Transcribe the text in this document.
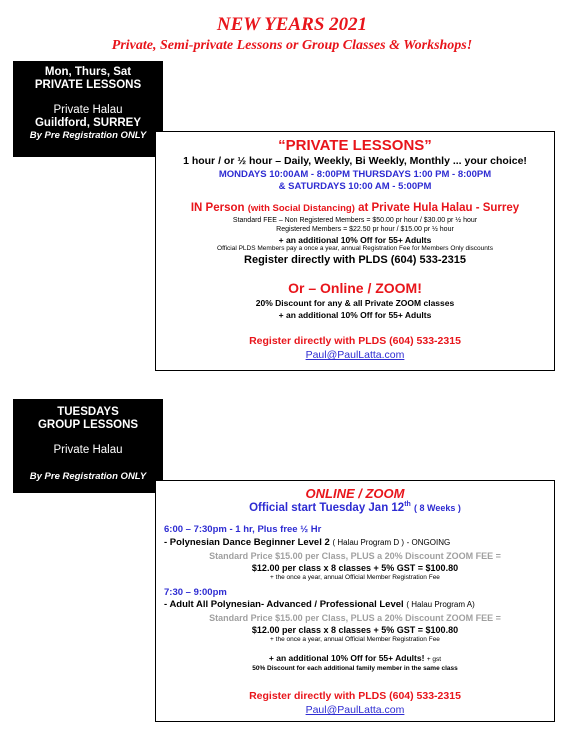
NEW YEARS 2021
Private, Semi-private Lessons or Group Classes & Workshops!
Mon, Thurs, Sat
PRIVATE LESSONS
Private Halau
Guildford, SURREY
By Pre Registration ONLY
“PRIVATE LESSONS”
1 hour / or ½ hour – Daily, Weekly, Bi Weekly, Monthly ... your choice!
MONDAYS 10:00AM - 8:00PM THURSDAYS 1:00 PM - 8:00PM
& SATURDAYS 10:00 AM - 5:00PM
IN Person (with Social Distancing) at Private Hula Halau - Surrey
Standard FEE – Non Registered Members = $50.00 pr hour / $30.00 pr ½ hour
Registered Members = $22.50 pr hour / $15.00 pr ½ hour
+ an additional 10% Off for 55+ Adults
Official PLDS Members pay a once a year, annual Registration Fee for Members Only discounts
Register directly with PLDS (604) 533-2315
Or – Online / ZOOM!
20% Discount for any & all Private ZOOM classes
+ an additional 10% Off for 55+ Adults
Register directly with PLDS (604) 533-2315
Paul@PaulLatta.com
TUESDAYS
GROUP LESSONS
Private Halau
By Pre Registration ONLY
ONLINE / ZOOM
Official start Tuesday Jan 12th ( 8 Weeks )
6:00 – 7:30pm - 1 hr, Plus free ½ Hr
- Polynesian Dance Beginner Level 2 ( Halau Program D ) - ONGOING
Standard Price $15.00 per Class, PLUS a 20% Discount ZOOM FEE =
$12.00 per class x 8 classes + 5% GST = $100.80
+ the once a year, annual Official Member Registration Fee
7:30 – 9:00pm
- Adult All Polynesian- Advanced / Professional Level ( Halau Program A)
Standard Price $15.00 per Class, PLUS a 20% Discount ZOOM FEE =
$12.00 per class x 8 classes + 5% GST = $100.80
+ the once a year, annual Official Member Registration Fee
+ an additional 10% Off for 55+ Adults! + gst
50% Discount for each additional family member in the same class
Register directly with PLDS (604) 533-2315
Paul@PaulLatta.com
